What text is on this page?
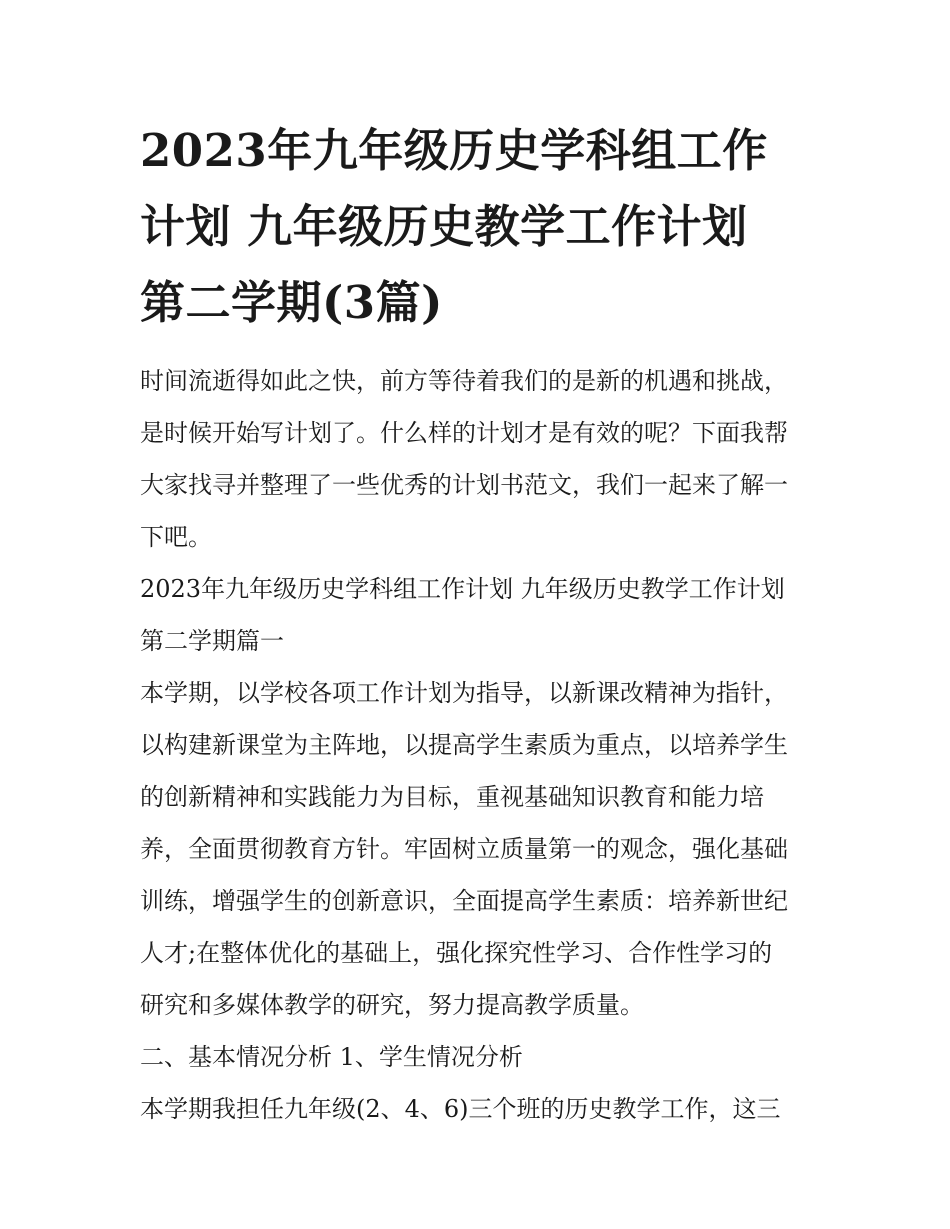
2023年九年级历史学科组工作
计划 九年级历史教学工作计划
第二学期(3篇)
时间流逝得如此之快，前方等待着我们的是新的机遇和挑战，
是时候开始写计划了。什么样的计划才是有效的呢？下面我帮
大家找寻并整理了一些优秀的计划书范文，我们一起来了解一
下吧。
2023年九年级历史学科组工作计划 九年级历史教学工作计划
第二学期篇一
本学期，以学校各项工作计划为指导，以新课改精神为指针，
以构建新课堂为主阵地，以提高学生素质为重点，以培养学生
的创新精神和实践能力为目标，重视基础知识教育和能力培
养，全面贯彻教育方针。牢固树立质量第一的观念，强化基础
训练，增强学生的创新意识，全面提高学生素质：培养新世纪
人才;在整体优化的基础上，强化探究性学习、合作性学习的
研究和多媒体教学的研究，努力提高教学质量。
二、基本情况分析 1、学生情况分析
本学期我担任九年级(2、4、6)三个班的历史教学工作，这三
